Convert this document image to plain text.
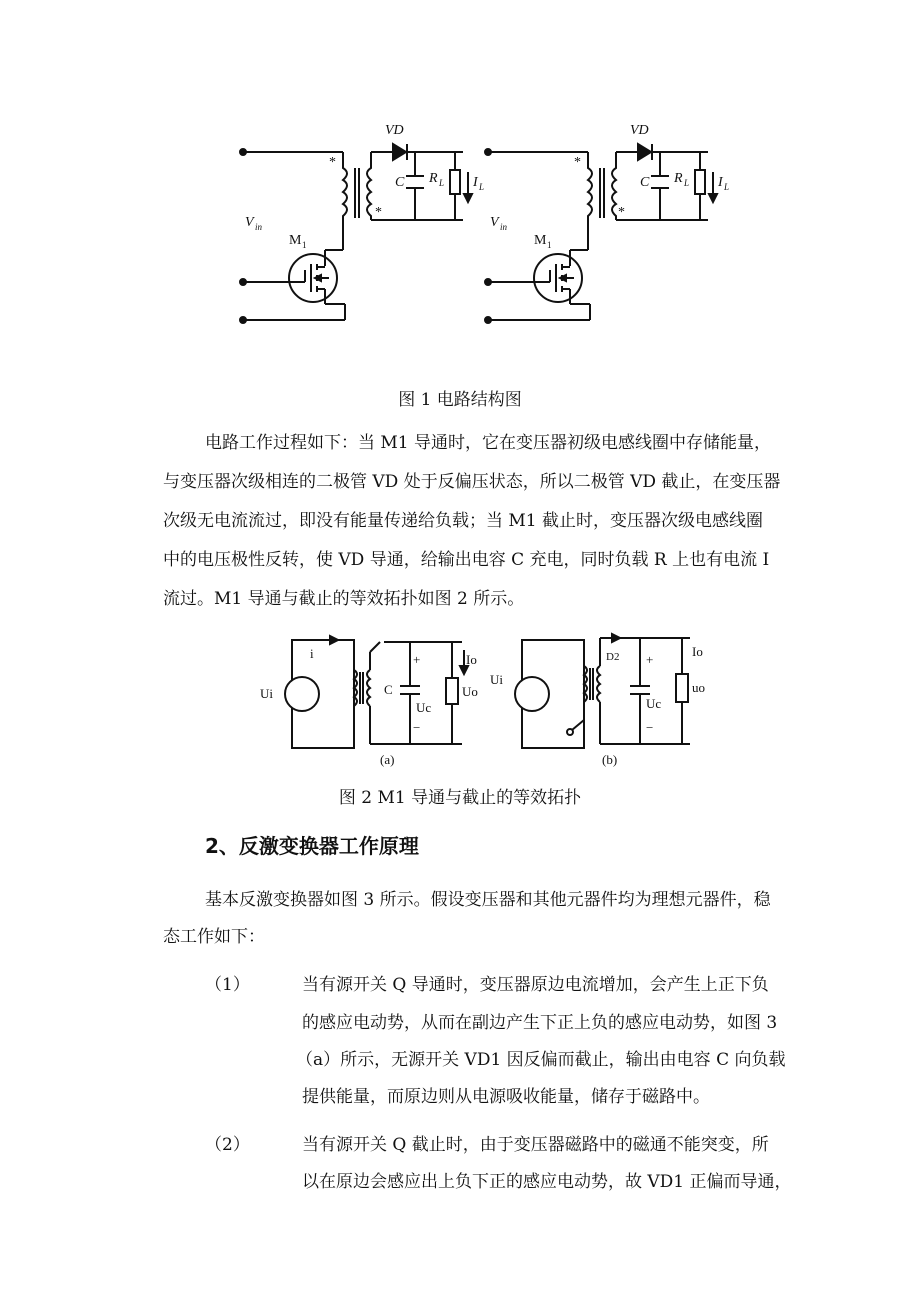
VD
*
*
C R L I L
V in
M 1
VD
*
*
C R L I L
V in
M 1
图 1 电路结构图
电路工作过程如下：当 M1 导通时，它在变压器初级电感线圈中存储能量，
与变压器次级相连的二极管 VD 处于反偏压状态，所以二极管 VD 截止，在变压器
次级无电流流过，即没有能量传递给负载；当 M1 截止时，变压器次级电感线圈
中的电压极性反转，使 VD 导通，给输出电容 C 充电，同时负载 R 上也有电流 I
流过。M1 导通与截止的等效拓扑如图 2 所示。
Ui
i
C
Uc
Io
Uo
+
−
(a)
Ui
D2 +
Uc
Io
uo
−
(b)
图 2 M1 导通与截止的等效拓扑
2、反激变换器工作原理
基本反激变换器如图 3 所示。假设变压器和其他元器件均为理想元器件，稳
态工作如下：
（1）	当有源开关 Q 导通时，变压器原边电流增加，会产生上正下负
的感应电动势，从而在副边产生下正上负的感应电动势，如图 3
（a）所示，无源开关 VD1 因反偏而截止，输出由电容 C 向负载
提供能量，而原边则从电源吸收能量，储存于磁路中。
（2）	当有源开关 Q 截止时，由于变压器磁路中的磁通不能突变，所
以在原边会感应出上负下正的感应电动势，故 VD1 正偏而导通，
